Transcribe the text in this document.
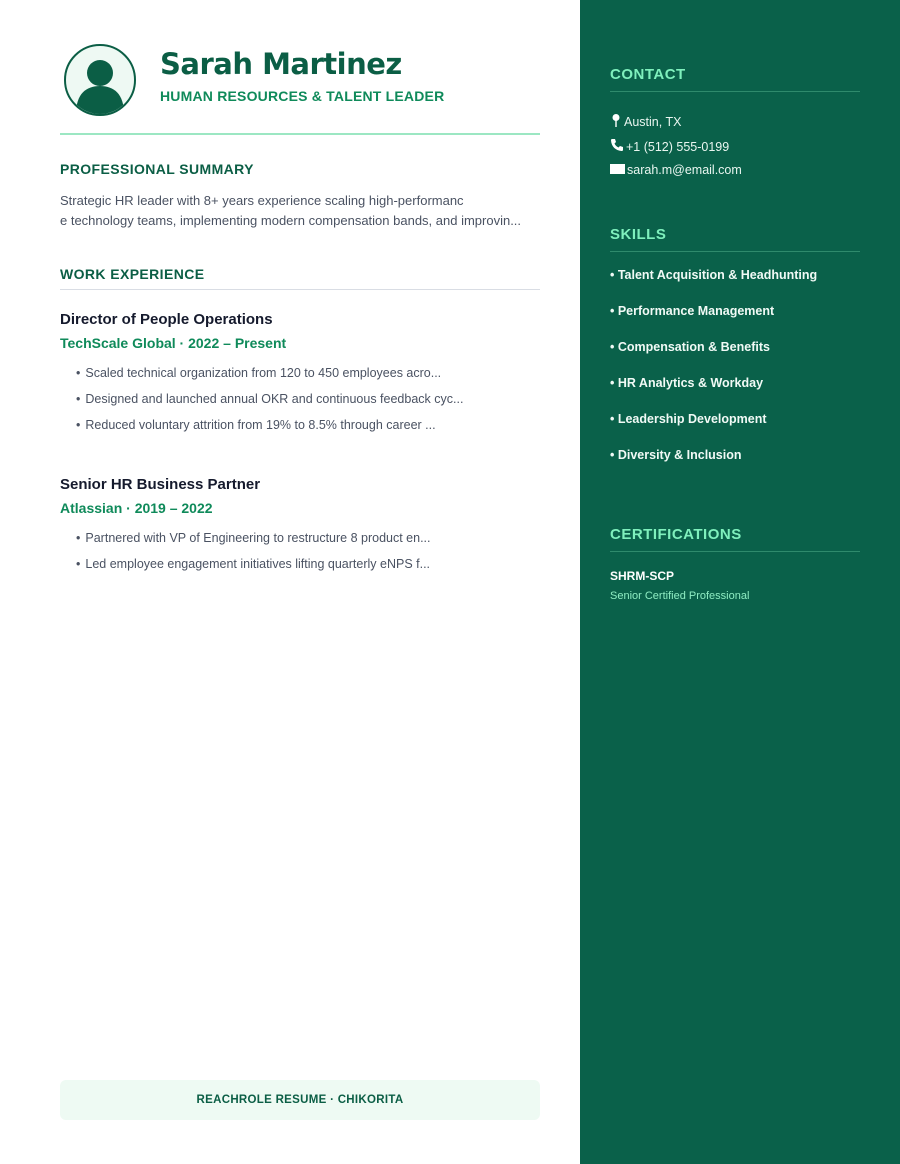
Sarah Martinez
HUMAN RESOURCES & TALENT LEADER
PROFESSIONAL SUMMARY
Strategic HR leader with 8+ years experience scaling high-performanc
e technology teams, implementing modern compensation bands, and improvin...
WORK EXPERIENCE
Director of People Operations
TechScale Global · 2022 – Present
• Scaled technical organization from 120 to 450 employees acro...
• Designed and launched annual OKR and continuous feedback cyc...
• Reduced voluntary attrition from 19% to 8.5% through career ...
Senior HR Business Partner
Atlassian · 2019 – 2022
• Partnered with VP of Engineering to restructure 8 product en...
• Led employee engagement initiatives lifting quarterly eNPS f...
REACHROLE RESUME · CHIKORITA
CONTACT
Austin, TX
+1 (512) 555-0199
sarah.m@email.com
SKILLS
• Talent Acquisition & Headhunting
• Performance Management
• Compensation & Benefits
• HR Analytics & Workday
• Leadership Development
• Diversity & Inclusion
CERTIFICATIONS
SHRM-SCP
Senior Certified Professional
